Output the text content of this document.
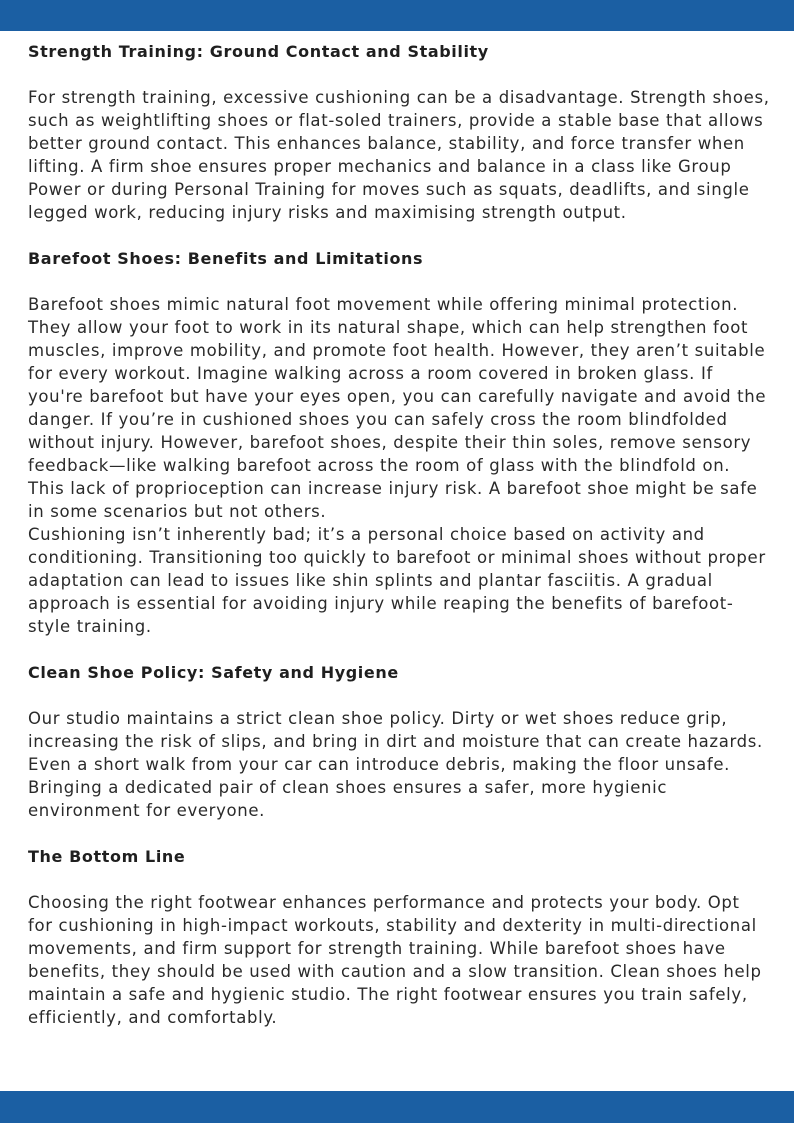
Strength Training: Ground Contact and Stability

For strength training, excessive cushioning can be a disadvantage. Strength shoes, such as weightlifting shoes or flat-soled trainers, provide a stable base that allows better ground contact. This enhances balance, stability, and force transfer when lifting. A firm shoe ensures proper mechanics and balance in a class like Group Power or during Personal Training for moves such as squats, deadlifts, and single legged work, reducing injury risks and maximising strength output.

Barefoot Shoes: Benefits and Limitations

Barefoot shoes mimic natural foot movement while offering minimal protection. They allow your foot to work in its natural shape, which can help strengthen foot muscles, improve mobility, and promote foot health. However, they aren’t suitable for every workout. Imagine walking across a room covered in broken glass. If you're barefoot but have your eyes open, you can carefully navigate and avoid the danger. If you’re in cushioned shoes you can safely cross the room blindfolded without injury. However, barefoot shoes, despite their thin soles, remove sensory feedback—like walking barefoot across the room of glass with the blindfold on. This lack of proprioception can increase injury risk. A barefoot shoe might be safe in some scenarios but not others.

Cushioning isn’t inherently bad; it’s a personal choice based on activity and conditioning. Transitioning too quickly to barefoot or minimal shoes without proper adaptation can lead to issues like shin splints and plantar fasciitis. A gradual approach is essential for avoiding injury while reaping the benefits of barefoot-style training.

Clean Shoe Policy: Safety and Hygiene

Our studio maintains a strict clean shoe policy. Dirty or wet shoes reduce grip, increasing the risk of slips, and bring in dirt and moisture that can create hazards. Even a short walk from your car can introduce debris, making the floor unsafe. Bringing a dedicated pair of clean shoes ensures a safer, more hygienic environment for everyone.

The Bottom Line

Choosing the right footwear enhances performance and protects your body. Opt for cushioning in high-impact workouts, stability and dexterity in multi-directional movements, and firm support for strength training. While barefoot shoes have benefits, they should be used with caution and a slow transition. Clean shoes help maintain a safe and hygienic studio. The right footwear ensures you train safely, efficiently, and comfortably.
